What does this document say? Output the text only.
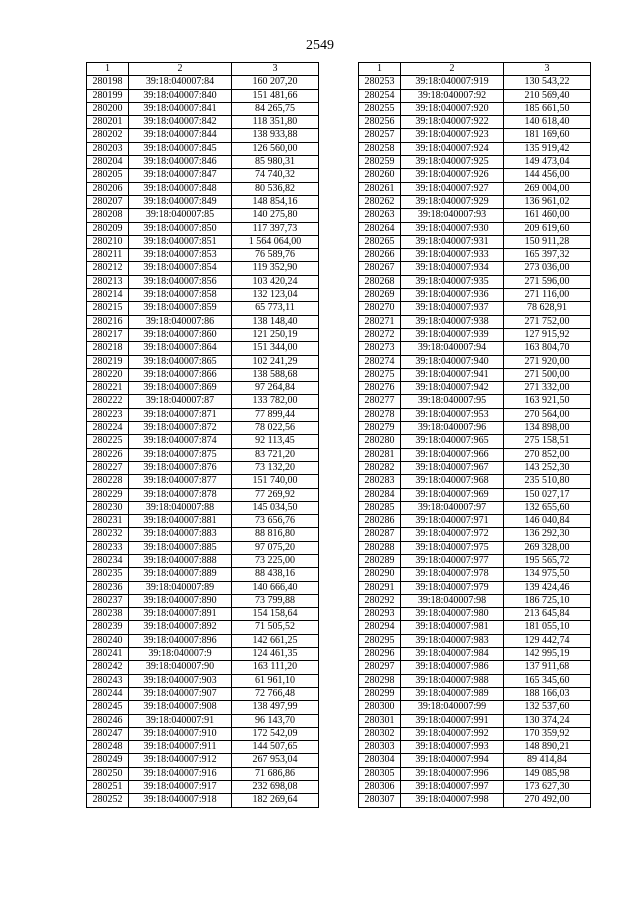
2549
1	2	3
280198	39:18:040007:84	160 207,20
280199	39:18:040007:840	151 481,66
280200	39:18:040007:841	84 265,75
280201	39:18:040007:842	118 351,80
280202	39:18:040007:844	138 933,88
280203	39:18:040007:845	126 560,00
280204	39:18:040007:846	85 980,31
280205	39:18:040007:847	74 740,32
280206	39:18:040007:848	80 536,82
280207	39:18:040007:849	148 854,16
280208	39:18:040007:85	140 275,80
280209	39:18:040007:850	117 397,73
280210	39:18:040007:851	1 564 064,00
280211	39:18:040007:853	76 589,76
280212	39:18:040007:854	119 352,90
280213	39:18:040007:856	103 420,24
280214	39:18:040007:858	132 123,04
280215	39:18:040007:859	65 773,11
280216	39:18:040007:86	138 148,40
280217	39:18:040007:860	121 250,19
280218	39:18:040007:864	151 344,00
280219	39:18:040007:865	102 241,29
280220	39:18:040007:866	138 588,68
280221	39:18:040007:869	97 264,84
280222	39:18:040007:87	133 782,00
280223	39:18:040007:871	77 899,44
280224	39:18:040007:872	78 022,56
280225	39:18:040007:874	92 113,45
280226	39:18:040007:875	83 721,20
280227	39:18:040007:876	73 132,20
280228	39:18:040007:877	151 740,00
280229	39:18:040007:878	77 269,92
280230	39:18:040007:88	145 034,50
280231	39:18:040007:881	73 656,76
280232	39:18:040007:883	88 816,80
280233	39:18:040007:885	97 075,20
280234	39:18:040007:888	73 225,00
280235	39:18:040007:889	88 438,16
280236	39:18:040007:89	140 666,40
280237	39:18:040007:890	73 799,88
280238	39:18:040007:891	154 158,64
280239	39:18:040007:892	71 505,52
280240	39:18:040007:896	142 661,25
280241	39:18:040007:9	124 461,35
280242	39:18:040007:90	163 111,20
280243	39:18:040007:903	61 961,10
280244	39:18:040007:907	72 766,48
280245	39:18:040007:908	138 497,99
280246	39:18:040007:91	96 143,70
280247	39:18:040007:910	172 542,09
280248	39:18:040007:911	144 507,65
280249	39:18:040007:912	267 953,04
280250	39:18:040007:916	71 686,86
280251	39:18:040007:917	232 698,08
280252	39:18:040007:918	182 269,64
1	2	3
280253	39:18:040007:919	130 543,22
280254	39:18:040007:92	210 569,40
280255	39:18:040007:920	185 661,50
280256	39:18:040007:922	140 618,40
280257	39:18:040007:923	181 169,60
280258	39:18:040007:924	135 919,42
280259	39:18:040007:925	149 473,04
280260	39:18:040007:926	144 456,00
280261	39:18:040007:927	269 004,00
280262	39:18:040007:929	136 961,02
280263	39:18:040007:93	161 460,00
280264	39:18:040007:930	209 619,60
280265	39:18:040007:931	150 911,28
280266	39:18:040007:933	165 397,32
280267	39:18:040007:934	273 036,00
280268	39:18:040007:935	271 596,00
280269	39:18:040007:936	271 116,00
280270	39:18:040007:937	78 628,91
280271	39:18:040007:938	271 752,00
280272	39:18:040007:939	127 915,92
280273	39:18:040007:94	163 804,70
280274	39:18:040007:940	271 920,00
280275	39:18:040007:941	271 500,00
280276	39:18:040007:942	271 332,00
280277	39:18:040007:95	163 921,50
280278	39:18:040007:953	270 564,00
280279	39:18:040007:96	134 898,00
280280	39:18:040007:965	275 158,51
280281	39:18:040007:966	270 852,00
280282	39:18:040007:967	143 252,30
280283	39:18:040007:968	235 510,80
280284	39:18:040007:969	150 027,17
280285	39:18:040007:97	132 655,60
280286	39:18:040007:971	146 040,84
280287	39:18:040007:972	136 292,30
280288	39:18:040007:975	269 328,00
280289	39:18:040007:977	195 565,72
280290	39:18:040007:978	134 975,50
280291	39:18:040007:979	139 424,46
280292	39:18:040007:98	186 725,10
280293	39:18:040007:980	213 645,84
280294	39:18:040007:981	181 055,10
280295	39:18:040007:983	129 442,74
280296	39:18:040007:984	142 995,19
280297	39:18:040007:986	137 911,68
280298	39:18:040007:988	165 345,60
280299	39:18:040007:989	188 166,03
280300	39:18:040007:99	132 537,60
280301	39:18:040007:991	130 374,24
280302	39:18:040007:992	170 359,92
280303	39:18:040007:993	148 890,21
280304	39:18:040007:994	89 414,84
280305	39:18:040007:996	149 085,98
280306	39:18:040007:997	173 627,30
280307	39:18:040007:998	270 492,00
